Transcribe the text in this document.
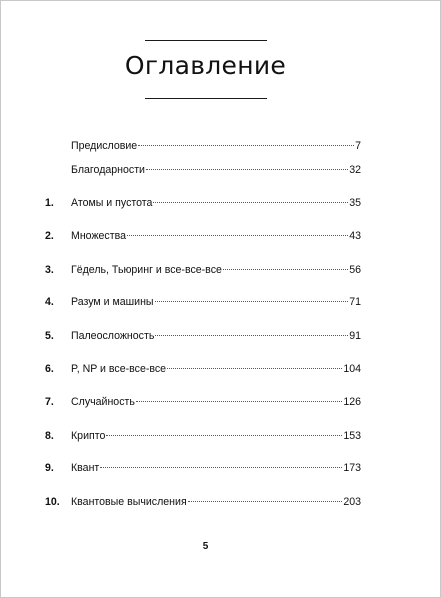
Оглавление
Предисловие	7
Благодарности	32
1. Атомы и пустота	35
2. Множества	43
3. Гёдель, Тьюринг и все-все-все	56
4. Разум и машины	71
5. Палеосложность	91
6. P, NP и все-все-все	104
7. Случайность	126
8. Крипто	153
9. Квант	173
10. Квантовые вычисления	203
5
